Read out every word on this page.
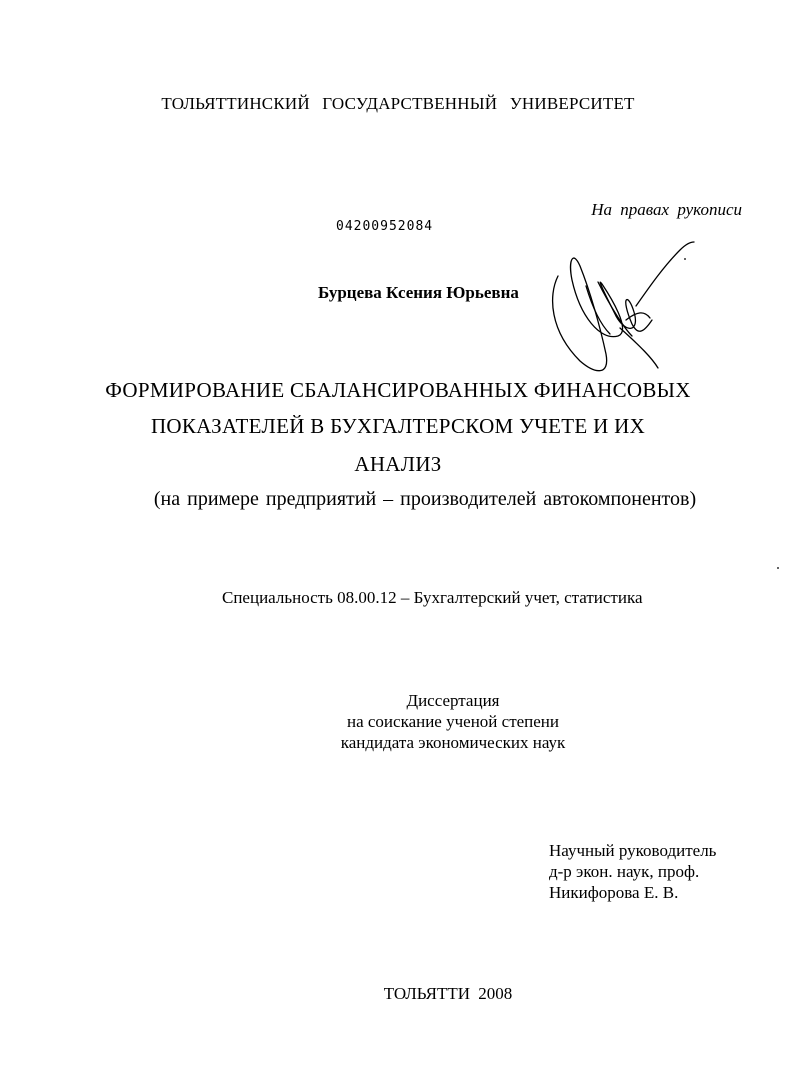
ТОЛЬЯТТИНСКИЙ ГОСУДАРСТВЕННЫЙ УНИВЕРСИТЕТ
На правах рукописи
04200952084
Бурцева Ксения Юрьевна
ФОРМИРОВАНИЕ СБАЛАНСИРОВАННЫХ ФИНАНСОВЫХ
ПОКАЗАТЕЛЕЙ В БУХГАЛТЕРСКОМ УЧЕТЕ И ИХ
АНАЛИЗ
(на примере предприятий – производителей автокомпонентов)
Специальность 08.00.12 – Бухгалтерский учет, статистика
Диссертация
на соискание ученой степени
кандидата экономических наук
Научный руководитель
д-р экон. наук, проф.
Никифорова Е. В.
ТОЛЬЯТТИ 2008
